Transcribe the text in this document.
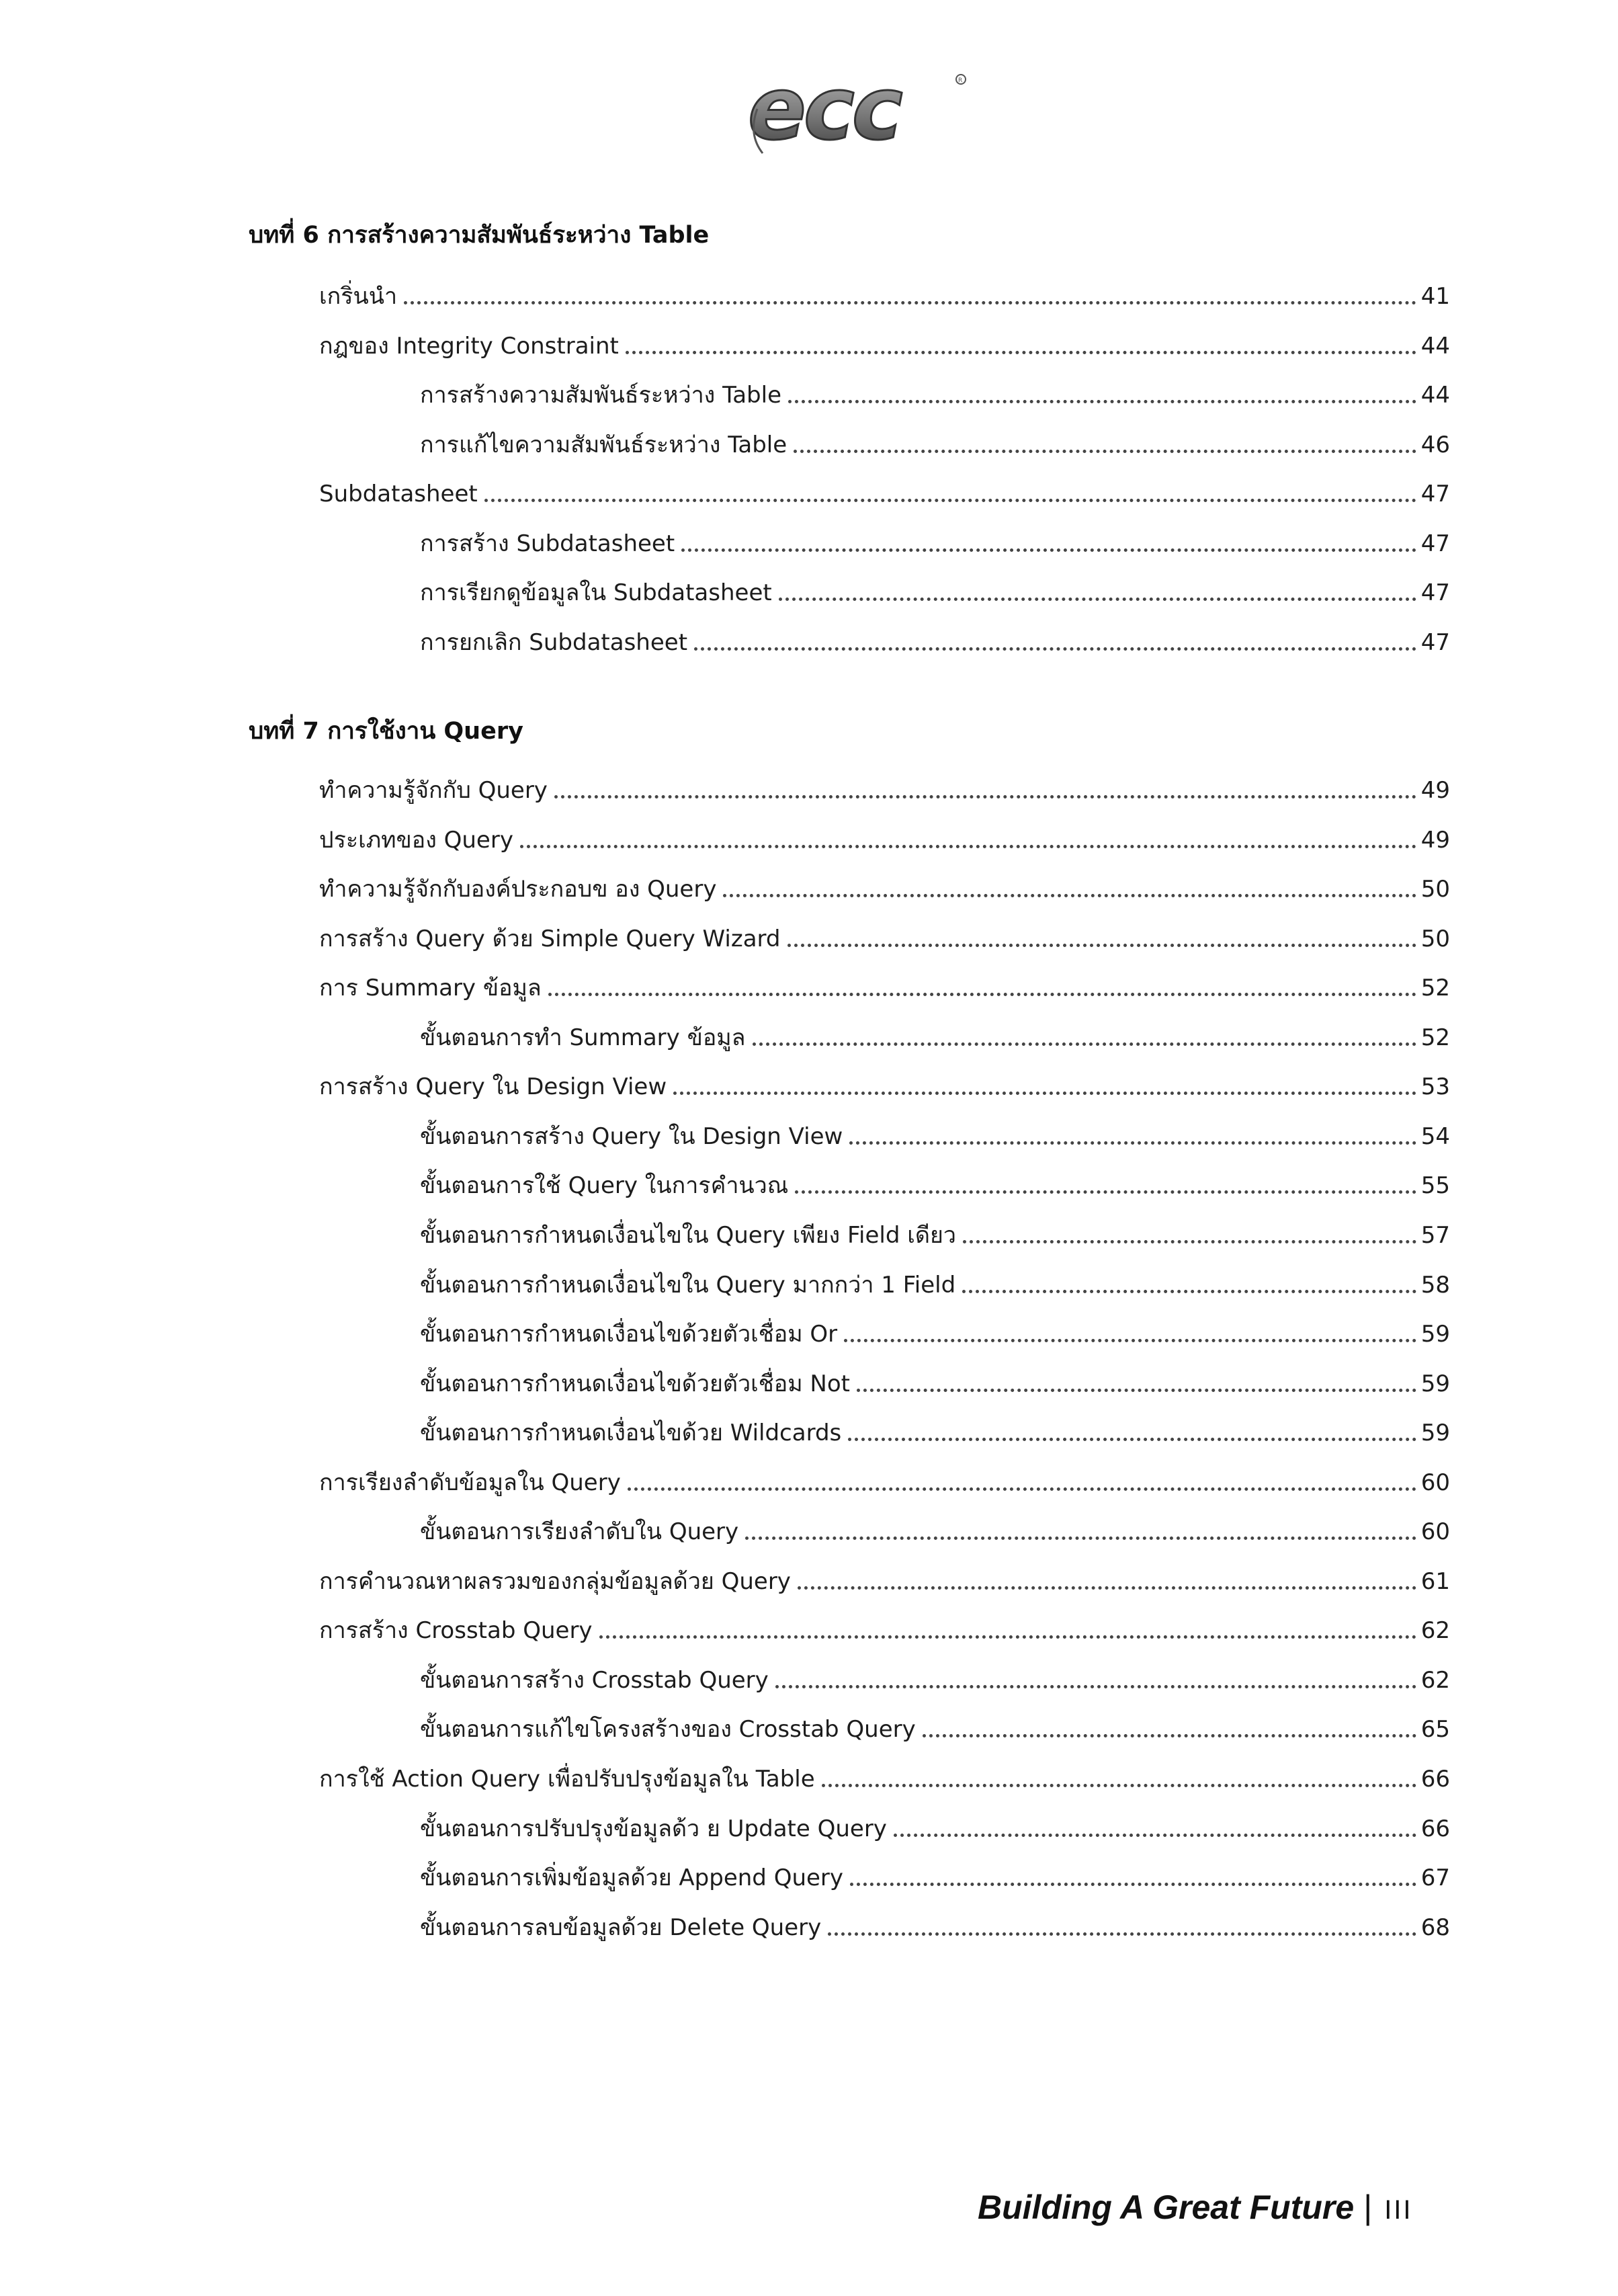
ecc	R
บทที่ 6 การสร้างความสัมพันธ์ระหว่าง Table
เกริ่นนำ	41
กฎของ Integrity Constraint	44
การสร้างความสัมพันธ์ระหว่าง Table	44
การแก้ไขความสัมพันธ์ระหว่าง Table	46
Subdatasheet	47
การสร้าง Subdatasheet	47
การเรียกดูข้อมูลใน Subdatasheet	47
การยกเลิก Subdatasheet	47
บทที่ 7 การใช้งาน Query
ทำความรู้จักกับ Query	49
ประเภทของ Query	49
ทำความรู้จักกับองค์ประกอบข อง Query	50
การสร้าง Query ด้วย Simple Query Wizard	50
การ Summary ข้อมูล	52
ขั้นตอนการทำ Summary ข้อมูล	52
การสร้าง Query ใน Design View	53
ขั้นตอนการสร้าง Query ใน Design View	54
ขั้นตอนการใช้ Query ในการคำนวณ	55
ขั้นตอนการกำหนดเงื่อนไขใน Query เพียง Field เดียว	57
ขั้นตอนการกำหนดเงื่อนไขใน Query มากกว่า 1 Field	58
ขั้นตอนการกำหนดเงื่อนไขด้วยตัวเชื่อม Or	59
ขั้นตอนการกำหนดเงื่อนไขด้วยตัวเชื่อม Not	59
ขั้นตอนการกำหนดเงื่อนไขด้วย Wildcards	59
การเรียงลำดับข้อมูลใน Query	60
ขั้นตอนการเรียงลำดับใน Query	60
การคำนวณหาผลรวมของกลุ่มข้อมูลด้วย Query	61
การสร้าง Crosstab Query	62
ขั้นตอนการสร้าง Crosstab Query	62
ขั้นตอนการแก้ไขโครงสร้างของ Crosstab Query	65
การใช้ Action Query เพื่อปรับปรุงข้อมูลใน Table	66
ขั้นตอนการปรับปรุงข้อมูลด้ว ย Update Query	66
ขั้นตอนการเพิ่มข้อมูลด้วย Append Query	67
ขั้นตอนการลบข้อมูลด้วย Delete Query	68
Building A Great Future | III
